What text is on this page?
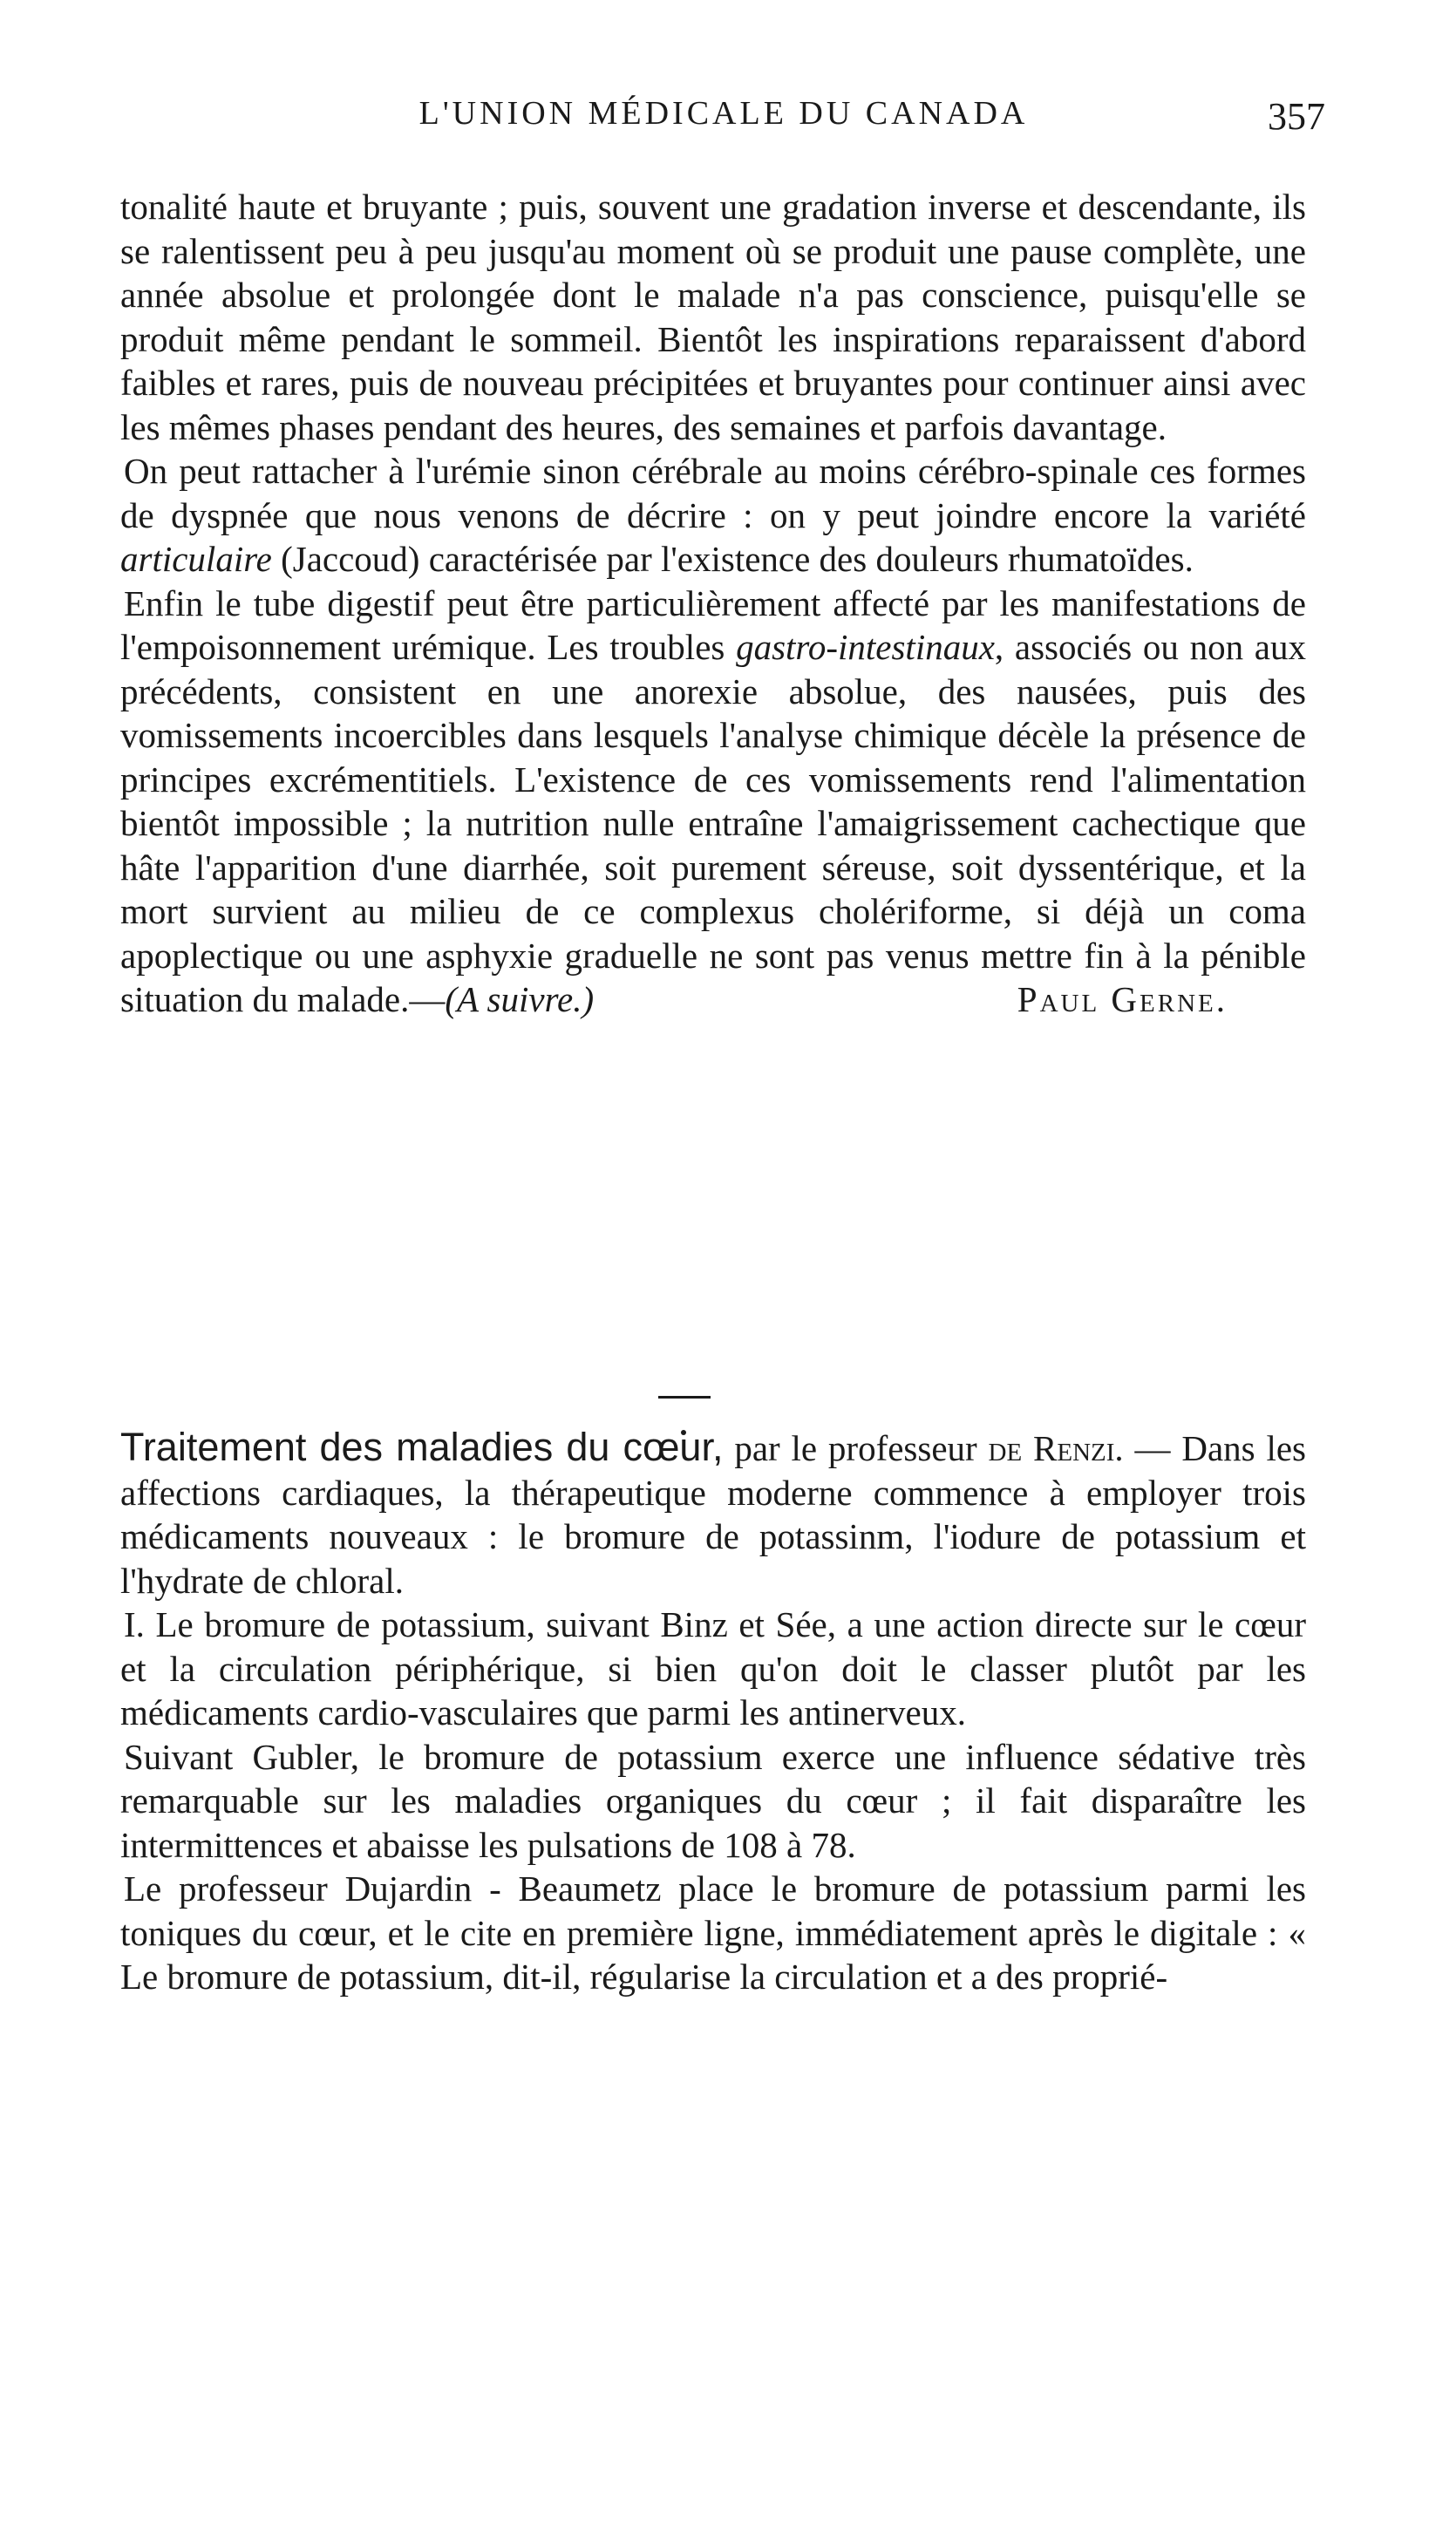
L'UNION MÉDICALE DU CANADA	357

tonalité haute et bruyante ; puis, souvent une gradation inverse et descendante, ils se ralentissent peu à peu jusqu'au moment où se produit une pause complète, une année absolue et prolongée dont le malade n'a pas conscience, puisqu'elle se produit même pendant le sommeil. Bientôt les inspirations reparaissent d'abord faibles et rares, puis de nouveau précipitées et bruyantes pour continuer ainsi avec les mêmes phases pendant des heures, des semaines et parfois davantage.

On peut rattacher à l'urémie sinon cérébrale au moins cérébro-spinale ces formes de dyspnée que nous venons de décrire : on y peut joindre encore la variété articulaire (Jaccoud) caractérisée par l'existence des douleurs rhumatoïdes.

Enfin le tube digestif peut être particulièrement affecté par les manifestations de l'empoisonnement urémique. Les troubles gastro-intestinaux, associés ou non aux précédents, consistent en une anorexie absolue, des nausées, puis des vomissements incoercibles dans lesquels l'analyse chimique décèle la présence de principes excrémentitiels. L'existence de ces vomissements rend l'alimentation bientôt impossible ; la nutrition nulle entraîne l'amaigrissement cachectique que hâte l'apparition d'une diarrhée, soit purement séreuse, soit dyssentérique, et la mort survient au milieu de ce complexus cholériforme, si déjà un coma apoplectique ou une asphyxie graduelle ne sont pas venus mettre fin à la pénible situation du malade.—(A suivre.)	Paul Gerne.

Traitement des maladies du cœur, par le professeur de Renzi. — Dans les affections cardiaques, la thérapeutique moderne commence à employer trois médicaments nouveaux : le bromure de potassinm, l'iodure de potassium et l'hydrate de chloral.

I. Le bromure de potassium, suivant Binz et Sée, a une action directe sur le cœur et la circulation périphérique, si bien qu'on doit le classer plutôt par les médicaments cardio-vasculaires que parmi les antinerveux.

Suivant Gubler, le bromure de potassium exerce une influence sédative très remarquable sur les maladies organiques du cœur ; il fait disparaître les intermittences et abaisse les pulsations de 108 à 78.

Le professeur Dujardin - Beaumetz place le bromure de potassium parmi les toniques du cœur, et le cite en première ligne, immédiatement après le digitale : « Le bromure de potassium, dit-il, régularise la circulation et a des proprié-
